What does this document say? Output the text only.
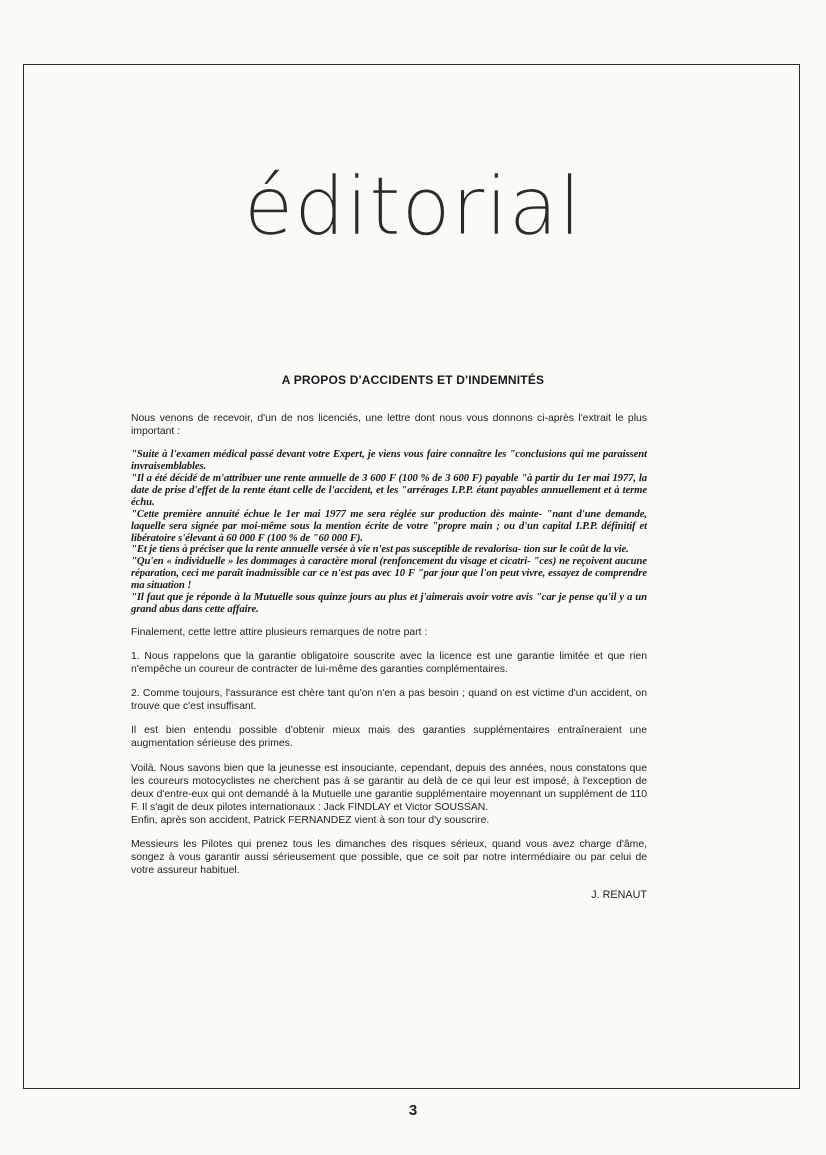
éditorial
A PROPOS D'ACCIDENTS ET D'INDEMNITÉS

Nous venons de recevoir, d'un de nos licenciés, une lettre dont nous vous donnons ci-après l'extrait le plus important :

"Suite à l'examen médical passé devant votre Expert, je viens vous faire connaître les "conclusions qui me paraissent invraisemblables.
"Il a été décidé de m'attribuer une rente annuelle de 3 600 F (100 % de 3 600 F) payable "à partir du 1er mai 1977, la date de prise d'effet de la rente étant celle de l'accident, et les "arrérages I.P.P. étant payables annuellement et à terme échu.
"Cette première annuité échue le 1er mai 1977 me sera réglée sur production dès mainte- "nant d'une demande, laquelle sera signée par moi-même sous la mention écrite de votre "propre main ; ou d'un capital I.P.P. définitif et libératoire s'élevant à 60 000 F (100 % de "60 000 F).
"Et je tiens à préciser que la rente annuelle versée à vie n'est pas susceptible de revalorisa- tion sur le coût de la vie.
"Qu'en « individuelle » les dommages à caractère moral (renfoncement du visage et cicatri- "ces) ne reçoivent aucune réparation, ceci me paraît inadmissible car ce n'est pas avec 10 F "par jour que l'on peut vivre, essayez de comprendre ma situation !
"Il faut que je réponde à la Mutuelle sous quinze jours au plus et j'aimerais avoir votre avis "car je pense qu'il y a un grand abus dans cette affaire.

Finalement, cette lettre attire plusieurs remarques de notre part :

1. Nous rappelons que la garantie obligatoire souscrite avec la licence est une garantie limitée et que rien n'empêche un coureur de contracter de lui-même des garanties complémentaires.

2. Comme toujours, l'assurance est chère tant qu'on n'en a pas besoin ; quand on est victime d'un accident, on trouve que c'est insuffisant.

Il est bien entendu possible d'obtenir mieux mais des garanties supplémentaires entraîneraient une augmentation sérieuse des primes.

Voilà. Nous savons bien que la jeunesse est insouciante, cependant, depuis des années, nous constatons que les coureurs motocyclistes ne cherchent pas à se garantir au delà de ce qui leur est imposé, à l'exception de deux d'entre-eux qui ont demandé à la Mutuelle une garantie supplémentaire moyennant un supplément de 110 F. Il s'agit de deux pilotes internationaux : Jack FINDLAY et Victor SOUSSAN.

Enfin, après son accident, Patrick FERNANDEZ vient à son tour d'y souscrire.

Messieurs les Pilotes qui prenez tous les dimanches des risques sérieux, quand vous avez charge d'âme, songez à vous garantir aussi sérieusement que possible, que ce soit par notre intermédiaire ou par celui de votre assureur habituel.

J. RENAUT
3
